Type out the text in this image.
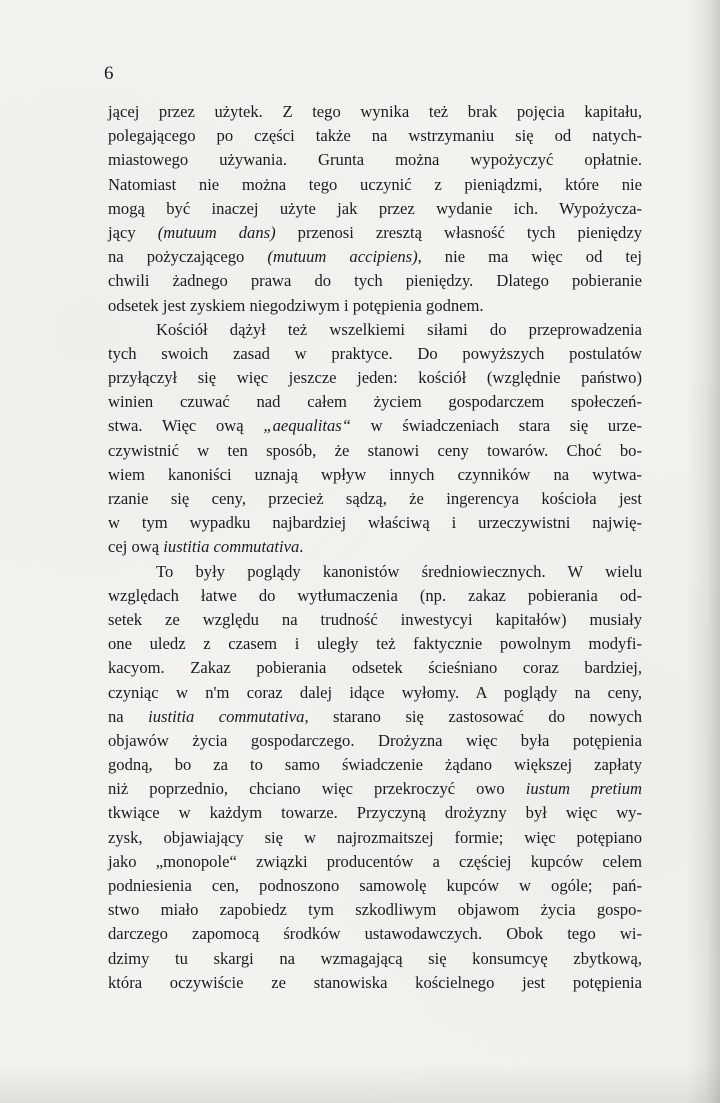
6

jącej przez użytek. Z tego wynika też brak pojęcia kapitału,
polegającego po części także na wstrzymaniu się od natych-
miastowego używania. Grunta można wypożyczyć opłatnie.
Natomiast nie można tego uczynić z pieniądzmi, które nie
mogą być inaczej użyte jak przez wydanie ich. Wypożycza-
jący (mutuum dans) przenosi zresztą własność tych pieniędzy
na pożyczającego (mutuum accipiens), nie ma więc od tej
chwili żadnego prawa do tych pieniędzy. Dlatego pobieranie
odsetek jest zyskiem niegodziwym i potępienia godnem.
Kościół dążył też wszelkiemi siłami do przeprowadzenia
tych swoich zasad w praktyce. Do powyższych postulatów
przyłączył się więc jeszcze jeden: kościół (względnie państwo)
winien czuwać nad całem życiem gospodarczem społeczeń-
stwa. Więc ową „aequalitas“ w świadczeniach stara się urze-
czywistnić w ten sposób, że stanowi ceny towarów. Choć bo-
wiem kanoniści uznają wpływ innych czynników na wytwa-
rzanie się ceny, przecież sądzą, że ingerencya kościoła jest
w tym wypadku najbardziej właściwą i urzeczywistni najwię-
cej ową iustitia commutativa.
To były poglądy kanonistów średniowiecznych. W wielu
względach łatwe do wytłumaczenia (np. zakaz pobierania od-
setek ze względu na trudność inwestycyi kapitałów) musiały
one uledz z czasem i uległy też faktycznie powolnym modyfi-
kacyom. Zakaz pobierania odsetek ścieśniano coraz bardziej,
czyniąc w n'm coraz dalej idące wyłomy. A poglądy na ceny,
na iustitia commutativa, starano się zastosować do nowych
objawów życia gospodarczego. Drożyzna więc była potępienia
godną, bo za to samo świadczenie żądano większej zapłaty
niż poprzednio, chciano więc przekroczyć owo iustum pretium
tkwiące w każdym towarze. Przyczyną drożyzny był więc wy-
zysk, objawiający się w najrozmaitszej formie; więc potępiano
jako „monopole“ związki producentów a częściej kupców celem
podniesienia cen, podnoszono samowolę kupców w ogóle; pań-
stwo miało zapobiedz tym szkodliwym objawom życia gospo-
darczego zapomocą środków ustawodawczych. Obok tego wi-
dzimy tu skargi na wzmagającą się konsumcyę zbytkową,
która oczywiście ze stanowiska kościelnego jest potępienia
